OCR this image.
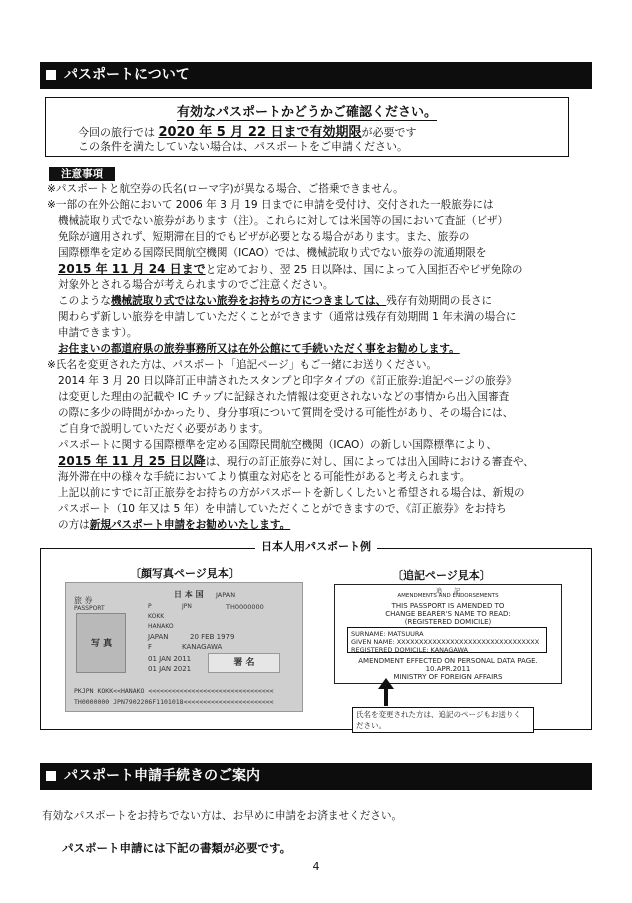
パスポートについて
有効なパスポートかどうかご確認ください。
今回の旅行では 2020 年 5 月 22 日まで有効期限が必要です
この条件を満たしていない場合は、パスポートをご申請ください。
注意事項
※パスポートと航空券の氏名(ローマ字)が異なる場合、ご搭乗できません。
※一部の在外公館において 2006 年 3 月 19 日までに申請を受付け、交付された一般旅券には
機械読取り式でない旅券があります（注）。これらに対しては米国等の国において査証（ビザ）
免除が適用されず、短期滞在目的でもビザが必要となる場合があります。また、旅券の
国際標準を定める国際民間航空機関（ICAO）では、機械読取り式でない旅券の流通期限を
2015 年 11 月 24 日までと定めており、翌 25 日以降は、国によって入国拒否やビザ免除の
対象外とされる場合が考えられますのでご注意ください。
このような機械読取り式ではない旅券をお持ちの方につきましては、残存有効期間の長さに
関わらず新しい旅券を申請していただくことができます（通常は残存有効期間 1 年未満の場合に
申請できます）。
お住まいの都道府県の旅券事務所又は在外公館にて手続いただく事をお勧めします。
※氏名を変更された方は、パスポート「追記ページ」もご一緒にお送りください。
2014 年 3 月 20 日以降訂正申請されたスタンプと印字タイプの《訂正旅券:追記ページの旅券》
は変更した理由の記載や IC チップに記録された情報は変更されないなどの事情から出入国審査
の際に多少の時間がかかったり、身分事項について質問を受ける可能性があり、その場合には、
ご自身で説明していただく必要があります。
パスポートに関する国際標準を定める国際民間航空機関（ICAO）の新しい国際標準により、
2015 年 11 月 25 日以降は、現行の訂正旅券に対し、国によっては出入国時における審査や、
海外滞在中の様々な手続においてより慎重な対応をとる可能性があると考えられます。
上記以前にすでに訂正旅券をお持ちの方がパスポートを新しくしたいと希望される場合は、新規の
パスポート（10 年又は 5 年）を申請していただくことができますので、《訂正旅券》をお持ち
の方は新規パスポート申請をお勧めいたします。
日本人用パスポート例
〔顔写真ページ見本〕	〔追記ページ見本〕
旅 券
PASSPORT
日 本 国 JAPAN
写 真
P	JPN	TH0000000
KOKK
HANAKO
JAPAN	20 FEB 1979
F	KANAGAWA
01 JAN 2011
01 JAN 2021
署 名
PKJPN KOKK<<HANAKO <<<<<<<<<<<<<<<<<<<<<<<<<<<<<<<<
TH0000000 JPN7902206F1101018<<<<<<<<<<<<<<<<<<<<<<<
追　　記
AMENDMENTS AND ENDORSEMENTS
THIS PASSPORT IS AMENDED TO
CHANGE BEARER'S NAME TO READ:
(REGISTERED DOMICILE)
SURNAME: MATSUURA
GIVEN NAME: XXXXXXXXXXXXXXXXXXXXXXXXXXXXXXXX
REGISTERED DOMICILE: KANAGAWA
AMENDMENT EFFECTED ON PERSONAL DATA PAGE.
10.APR.2011
MINISTRY OF FOREIGN AFFAIRS
氏名を変更された方は、追記のページもお送りく
ださい。
パスポート申請手続きのご案内
有効なパスポートをお持ちでない方は、お早めに申請をお済ませください。
パスポート申請には下記の書類が必要です。
4
